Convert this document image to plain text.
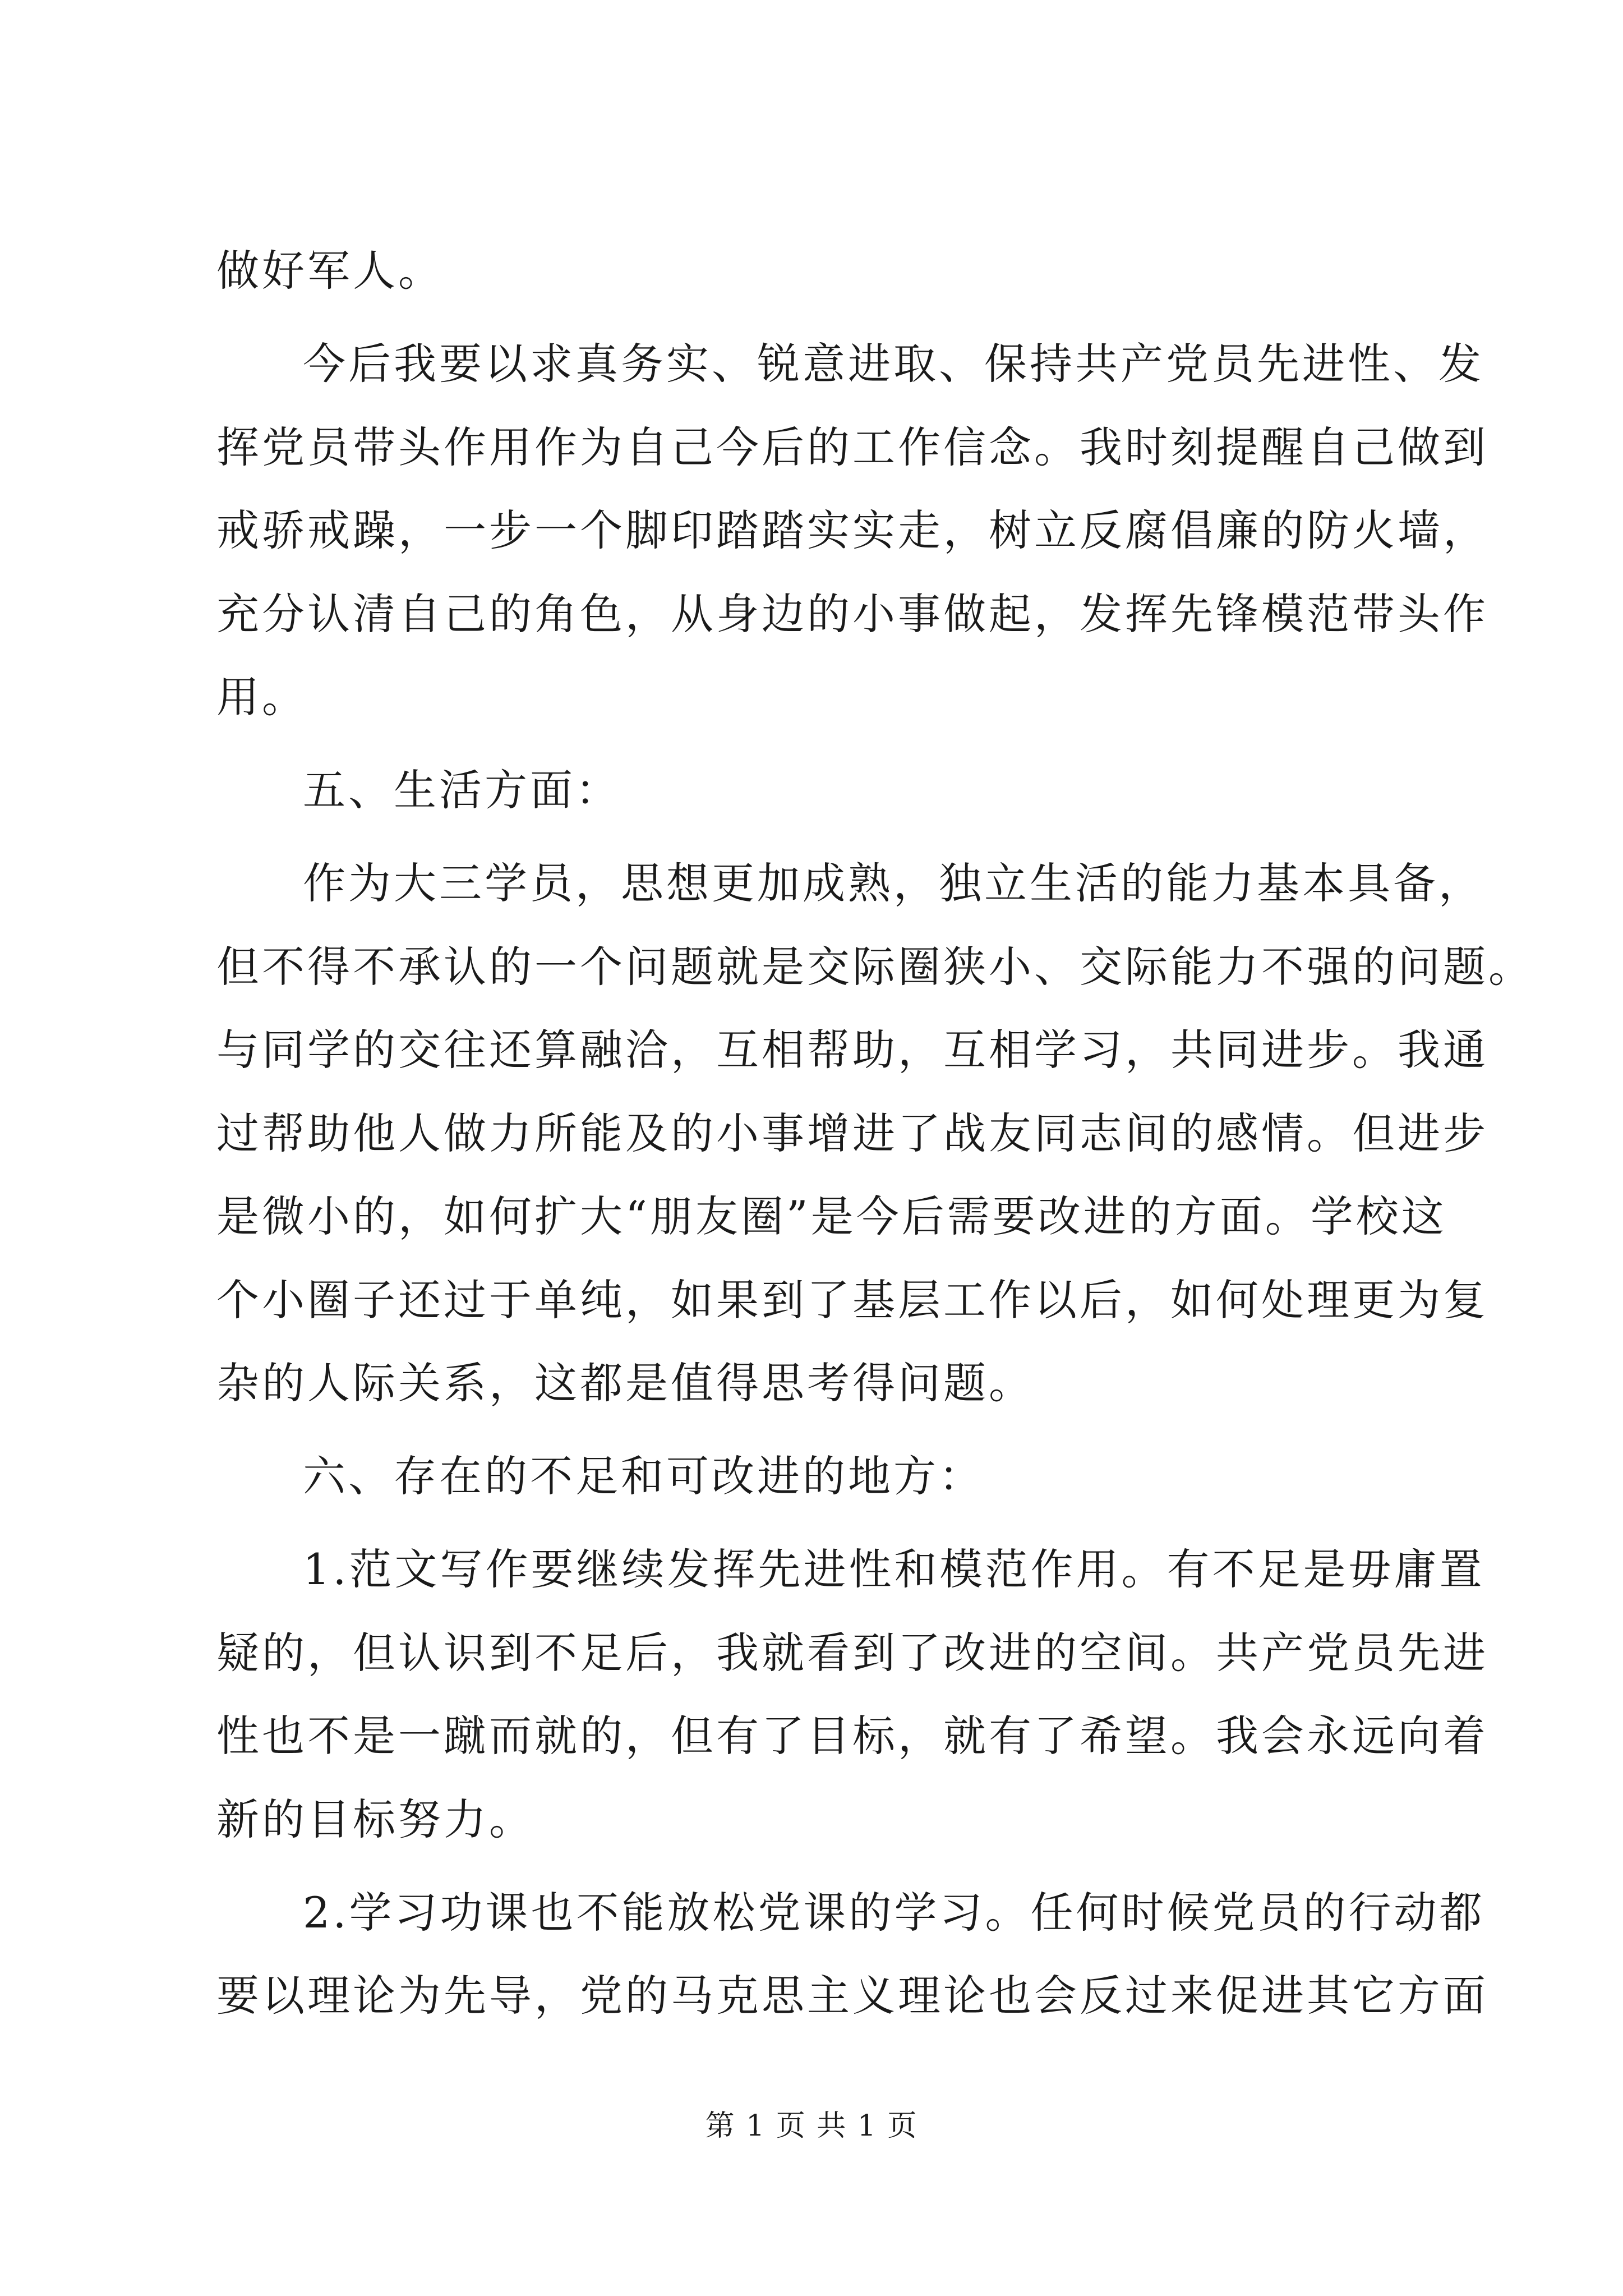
做好军人。
今后我要以求真务实、锐意进取、保持共产党员先进性、发
挥党员带头作用作为自己今后的工作信念。我时刻提醒自己做到
戒骄戒躁，一步一个脚印踏踏实实走，树立反腐倡廉的防火墙，
充分认清自己的角色，从身边的小事做起，发挥先锋模范带头作
用。
五、生活方面：
作为大三学员，思想更加成熟，独立生活的能力基本具备，
但不得不承认的一个问题就是交际圈狭小、交际能力不强的问题。
与同学的交往还算融洽，互相帮助，互相学习，共同进步。我通
过帮助他人做力所能及的小事增进了战友同志间的感情。但进步
是微小的，如何扩大“朋友圈”是今后需要改进的方面。学校这
个小圈子还过于单纯，如果到了基层工作以后，如何处理更为复
杂的人际关系，这都是值得思考得问题。
六、存在的不足和可改进的地方：
1.范文写作要继续发挥先进性和模范作用。有不足是毋庸置
疑的，但认识到不足后，我就看到了改进的空间。共产党员先进
性也不是一蹴而就的，但有了目标，就有了希望。我会永远向着
新的目标努力。
2.学习功课也不能放松党课的学习。任何时候党员的行动都
要以理论为先导，党的马克思主义理论也会反过来促进其它方面
第 1 页 共 1 页
